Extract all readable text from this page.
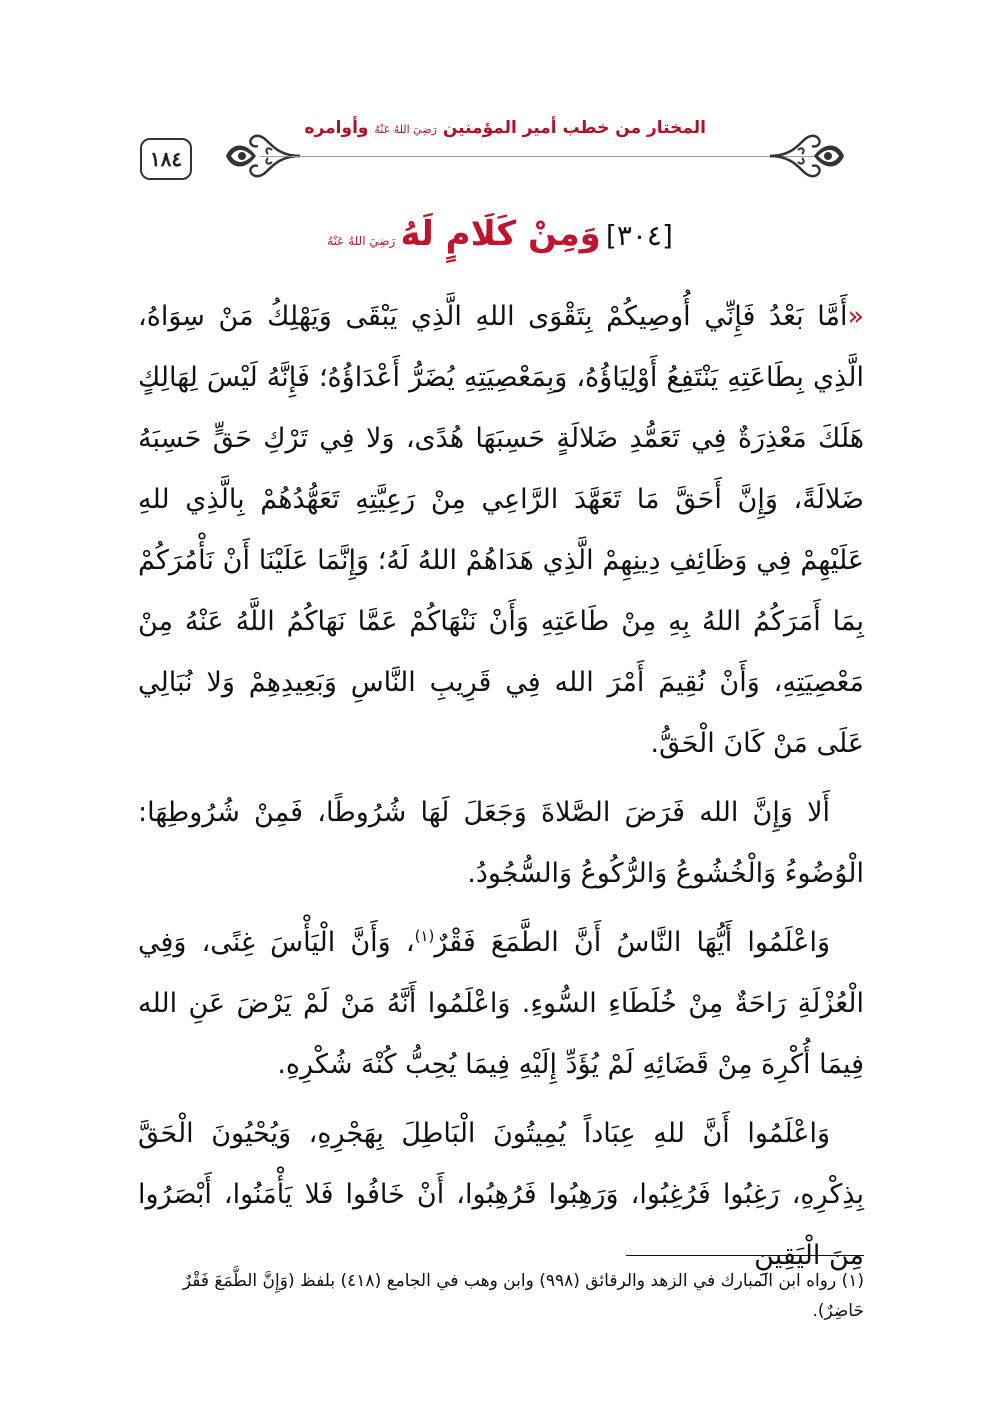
١٨٤
المختار من خطب أمير المؤمنين رَضِيَ اللهُ عَنْهُ وأوامره
[٣٠٤] وَمِنْ كَلَامٍ لَهُ رَضِيَ اللهُ عَنْهُ

«أَمَّا بَعْدُ فَإِنِّي أُوصِيكُمْ بِتَقْوَى اللهِ الَّذِي يَبْقَى وَيَهْلِكُ مَنْ سِوَاهُ، الَّذِي بِطَاعَتِهِ يَنْتَفِعُ أَوْلِيَاؤُهُ، وَبِمَعْصِيَتِهِ يُضَرُّ أَعْدَاؤُهُ؛ فَإِنَّهُ لَيْسَ لِهَالِكٍ هَلَكَ مَعْذِرَةٌ فِي تَعَمُّدِ ضَلالَةٍ حَسِبَهَا هُدًى، وَلا فِي تَرْكِ حَقٍّ حَسِبَهُ ضَلالَةً، وَإِنَّ أَحَقَّ مَا تَعَهَّدَ الرَّاعِي مِنْ رَعِيَّتِهِ تَعَهُّدُهُمْ بِالَّذِي للهِ عَلَيْهِمْ فِي وَظَائِفِ دِينِهِمْ الَّذِي هَدَاهُمْ اللهُ لَهُ؛ وَإِنَّمَا عَلَيْنَا أَنْ نَأْمُرَكُمْ بِمَا أَمَرَكُمُ اللهُ بِهِ مِنْ طَاعَتِهِ وَأَنْ نَنْهَاكُمْ عَمَّا نَهَاكُمُ اللَّهُ عَنْهُ مِنْ مَعْصِيَتِهِ، وَأَنْ نُقِيمَ أَمْرَ الله فِي قَرِيبِ النَّاسِ وَبَعِيدِهِمْ وَلا نُبَالِي عَلَى مَنْ كَانَ الْحَقُّ.

أَلا وَإِنَّ الله فَرَضَ الصَّلاةَ وَجَعَلَ لَهَا شُرُوطًا، فَمِنْ شُرُوطِهَا: الْوُضُوءُ وَالْخُشُوعُ وَالرُّكُوعُ وَالسُّجُودُ.

وَاعْلَمُوا أَيُّهَا النَّاسُ أَنَّ الطَّمَعَ فَقْرٌ$^{(١)}$، وَأَنَّ الْيَأْسَ غِنًى، وَفِي الْعُزْلَةِ رَاحَةٌ مِنْ خُلَطَاءِ السُّوءِ. وَاعْلَمُوا أَنَّهُ مَنْ لَمْ يَرْضَ عَنِ الله فِيمَا أُكْرِهَ مِنْ قَضَائِهِ لَمْ يُؤَدِّ إِلَيْهِ فِيمَا يُحِبُّ كُنْهَ شُكْرِهِ.

وَاعْلَمُوا أَنَّ للهِ عِبَاداً يُمِيتُونَ الْبَاطِلَ بِهَجْرِهِ، وَيُحْيُونَ الْحَقَّ بِذِكْرِهِ، رَغِبُوا فَرُغِبُوا، وَرَهِبُوا فَرُهِبُوا، أَنْ خَافُوا فَلا يَأْمَنُوا، أَبْصَرُوا مِنَ الْيَقِينِ

(١) رواه ابن المبارك في الزهد والرقائق (٩٩٨) وابن وهب في الجامع (٤١٨) بلفظ (وَإِنَّ الطَّمَعَ فَقْرٌ حَاضِرٌ).
